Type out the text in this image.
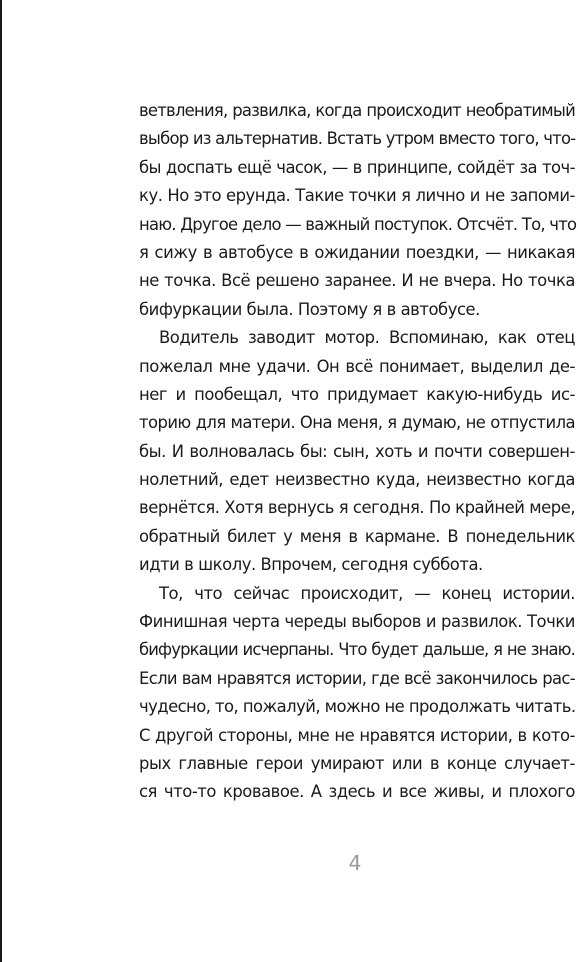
ветвления, развилка, когда происходит необратимый
выбор из альтернатив. Встать утром вместо того, что-
бы доспать ещё часок, — в принципе, сойдёт за точ-
ку. Но это ерунда. Такие точки я лично и не запоми-
наю. Другое дело — важный поступок. Отсчёт. То, что
я сижу в автобусе в ожидании поездки, — никакая
не точка. Всё решено заранее. И не вчера. Но точка
бифуркации была. Поэтому я в автобусе.
Водитель заводит мотор. Вспоминаю, как отец
пожелал мне удачи. Он всё понимает, выделил де-
нег и пообещал, что придумает какую-нибудь ис-
торию для матери. Она меня, я думаю, не отпустила
бы. И волновалась бы: сын, хоть и почти совершен-
нолетний, едет неизвестно куда, неизвестно когда
вернётся. Хотя вернусь я сегодня. По крайней мере,
обратный билет у меня в кармане. В понедельник
идти в школу. Впрочем, сегодня суббота.
То, что сейчас происходит, — конец истории.
Финишная черта череды выборов и развилок. Точки
бифуркации исчерпаны. Что будет дальше, я не знаю.
Если вам нравятся истории, где всё закончилось рас-
чудесно, то, пожалуй, можно не продолжать читать.
С другой стороны, мне не нравятся истории, в кото-
рых главные герои умирают или в конце случает-
ся что-то кровавое. А здесь и все живы, и плохого
4
